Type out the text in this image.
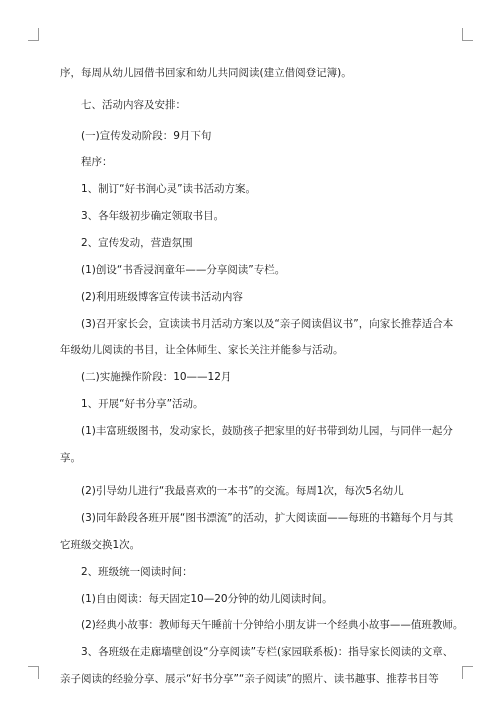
序，每周从幼儿园借书回家和幼儿共同阅读(建立借阅登记簿)。
七、活动内容及安排：
(一)宣传发动阶段：9月下旬
程序：
1、制订“好书润心灵”读书活动方案。
3、各年级初步确定领取书目。
2、宣传发动，营造氛围
(1)创设“书香浸润童年——分享阅读”专栏。
(2)利用班级博客宣传读书活动内容
(3)召开家长会，宣读读书月活动方案以及“亲子阅读倡议书”，向家长推荐适合本
年级幼儿阅读的书目，让全体师生、家长关注并能参与活动。
(二)实施操作阶段：10——12月
1、开展“好书分享”活动。
(1)丰富班级图书，发动家长，鼓励孩子把家里的好书带到幼儿园，与同伴一起分
享。
(2)引导幼儿进行“我最喜欢的一本书”的交流。每周1次，每次5名幼儿
(3)同年龄段各班开展“图书漂流”的活动，扩大阅读面——每班的书籍每个月与其
它班级交换1次。
2、班级统一阅读时间：
(1)自由阅读：每天固定10—20分钟的幼儿阅读时间。
(2)经典小故事：教师每天午睡前十分钟给小朋友讲一个经典小故事——值班教师。
3、各班级在走廊墙壁创设“分享阅读”专栏(家园联系板)：指导家长阅读的文章、
亲子阅读的经验分享、展示“好书分享”“亲子阅读”的照片、读书趣事、推荐书目等
